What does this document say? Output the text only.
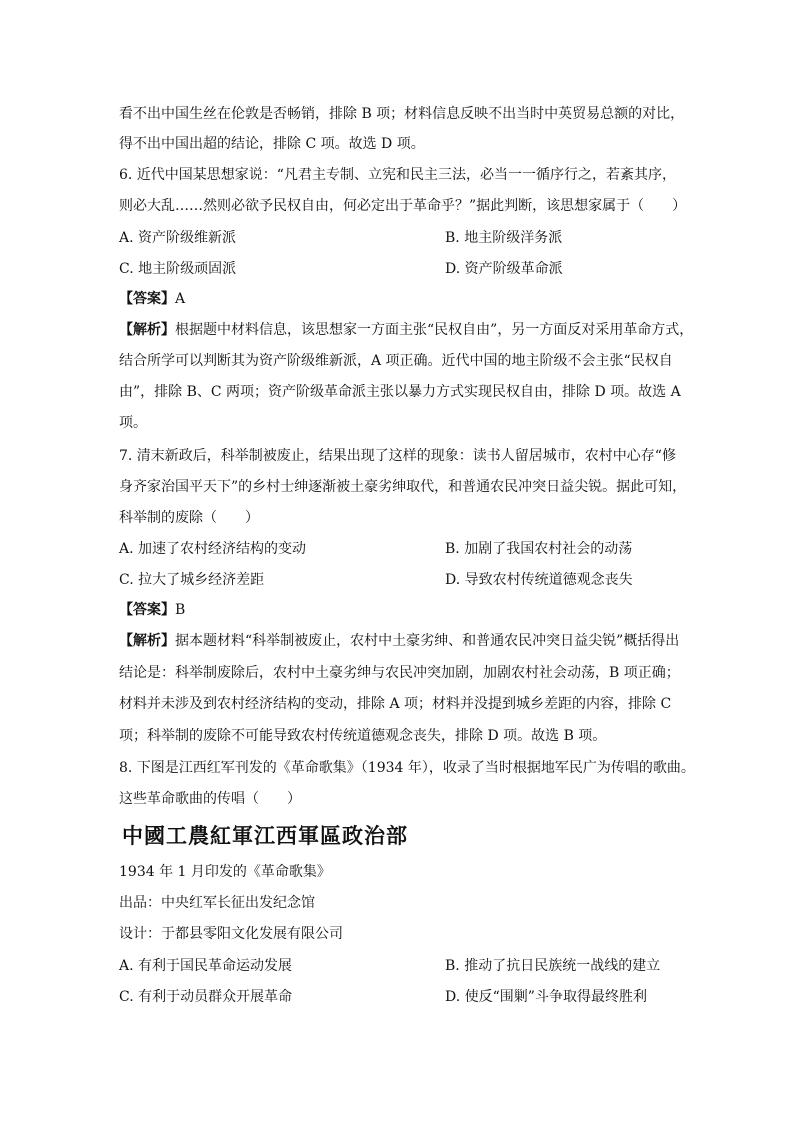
看不出中国生丝在伦敦是否畅销，排除 B 项；材料信息反映不出当时中英贸易总额的对比，
得不出中国出超的结论，排除 C 项。故选 D 项。
6. 近代中国某思想家说：“凡君主专制、立宪和民主三法，必当一一循序行之，若紊其序，
则必大乱……然则必欲予民权自由，何必定出于革命乎？”据此判断，该思想家属于（　　）
A. 资产阶级维新派	B. 地主阶级洋务派
C. 地主阶级顽固派	D. 资产阶级革命派
【答案】A
【解析】根据题中材料信息，该思想家一方面主张“民权自由”，另一方面反对采用革命方式，
结合所学可以判断其为资产阶级维新派，A 项正确。近代中国的地主阶级不会主张“民权自
由”，排除 B、C 两项；资产阶级革命派主张以暴力方式实现民权自由，排除 D 项。故选 A
项。
7. 清末新政后，科举制被废止，结果出现了这样的现象：读书人留居城市，农村中心存“修
身齐家治国平天下”的乡村士绅逐渐被土豪劣绅取代，和普通农民冲突日益尖锐。据此可知，
科举制的废除（　　）
A. 加速了农村经济结构的变动	B. 加剧了我国农村社会的动荡
C. 拉大了城乡经济差距	D. 导致农村传统道德观念丧失
【答案】B
【解析】据本题材料“科举制被废止，农村中土豪劣绅、和普通农民冲突日益尖锐”概括得出
结论是：科举制废除后，农村中土豪劣绅与农民冲突加剧，加剧农村社会动荡，B 项正确；
材料并未涉及到农村经济结构的变动，排除 A 项；材料并没提到城乡差距的内容，排除 C
项；科举制的废除不可能导致农村传统道德观念丧失，排除 D 项。故选 B 项。
8. 下图是江西红军刊发的《革命歌集》（1934 年），收录了当时根据地军民广为传唱的歌曲。
这些革命歌曲的传唱（　　）
中國工農紅軍江西軍區政治部
1934 年 1 月印发的《革命歌集》
出品：中央红军长征出发纪念馆
设计：于都县零阳文化发展有限公司
A. 有利于国民革命运动发展	B. 推动了抗日民族统一战线的建立
C. 有利于动员群众开展革命	D. 使反“围剿”斗争取得最终胜利
